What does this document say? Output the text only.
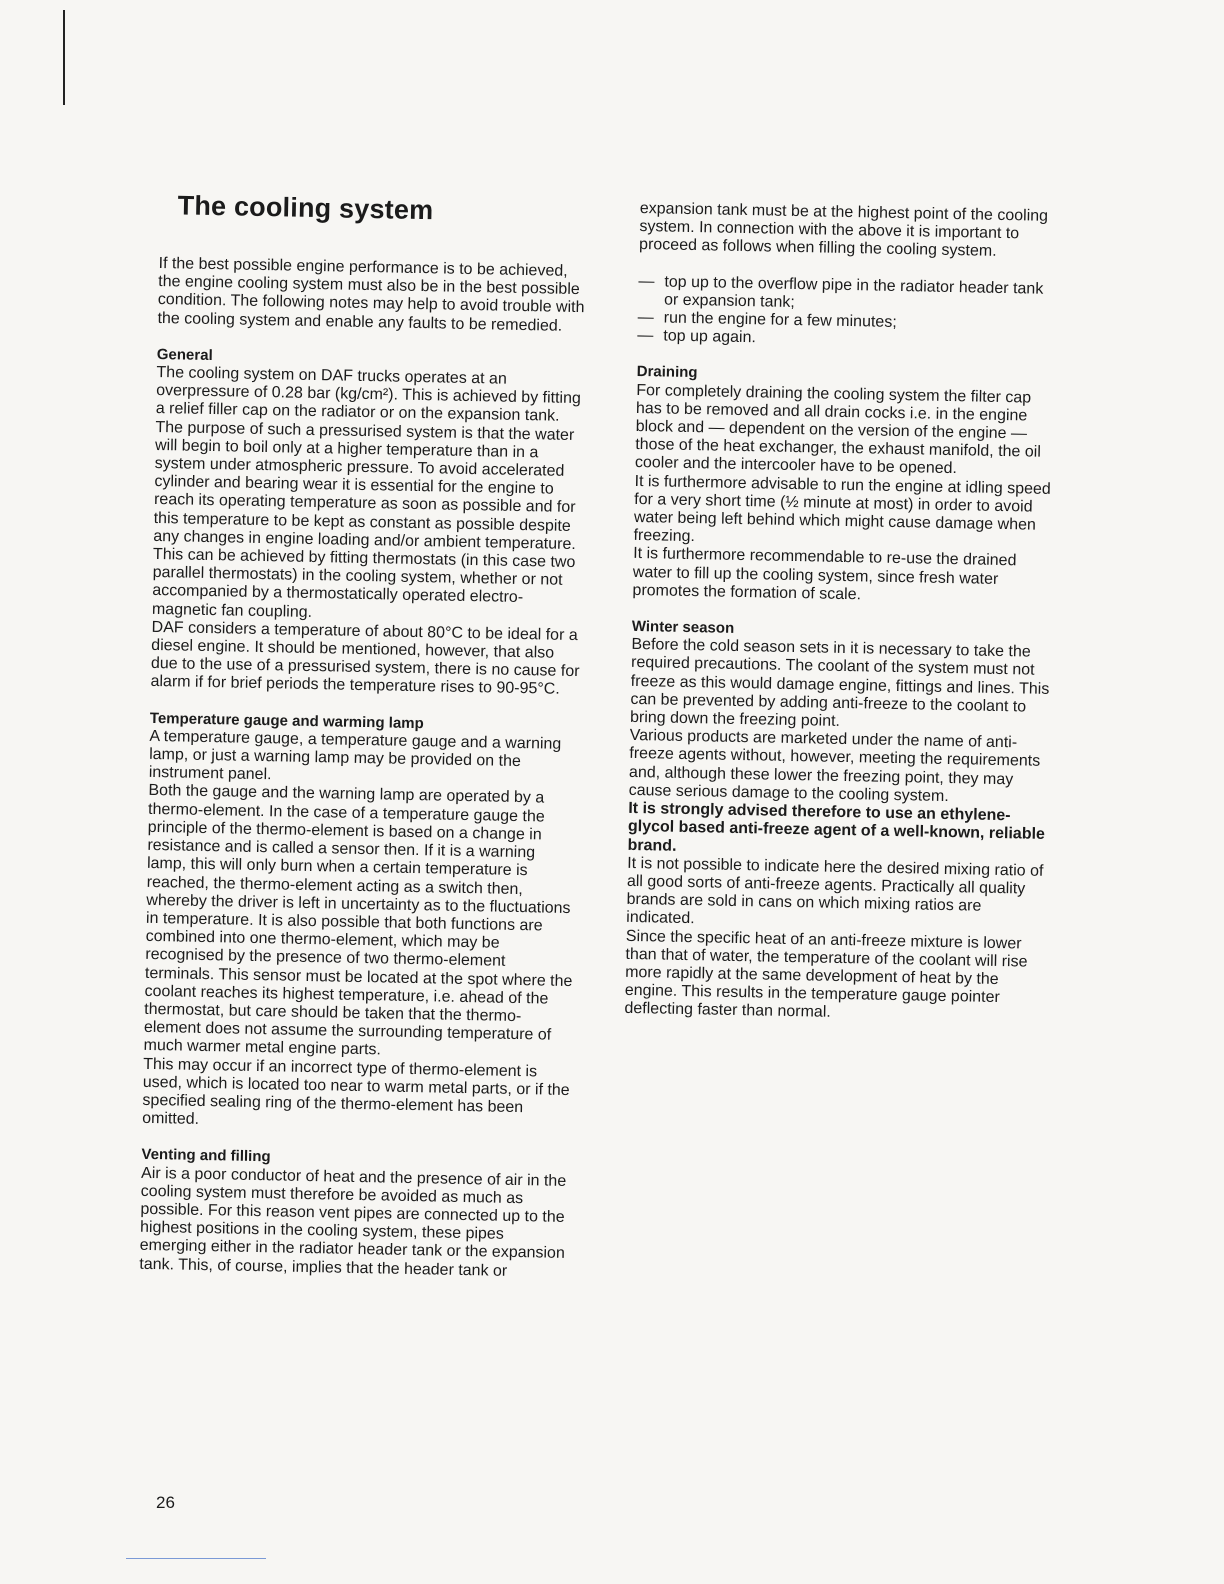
The cooling system

If the best possible engine performance is to be achieved, the engine cooling system must also be in the best possible condition. The following notes may help to avoid trouble with the cooling system and enable any faults to be remedied.

General

The cooling system on DAF trucks operates at an overpressure of 0.28 bar (kg/cm²). This is achieved by fitting a relief filler cap on the radiator or on the expansion tank. The purpose of such a pressurised system is that the water will begin to boil only at a higher temperature than in a system under atmospheric pressure. To avoid accelerated cylinder and bearing wear it is essential for the engine to reach its operating temperature as soon as possible and for this temperature to be kept as constant as possible despite any changes in engine loading and/or ambient temperature. This can be achieved by fitting thermostats (in this case two parallel thermostats) in the cooling system, whether or not accompanied by a thermostatically operated electro-magnetic fan coupling.

DAF considers a temperature of about 80°C to be ideal for a diesel engine. It should be mentioned, however, that also due to the use of a pressurised system, there is no cause for alarm if for brief periods the temperature rises to 90-95°C.

Temperature gauge and warming lamp

A temperature gauge, a temperature gauge and a warning lamp, or just a warning lamp may be provided on the instrument panel.

Both the gauge and the warning lamp are operated by a thermo-element. In the case of a temperature gauge the principle of the thermo-element is based on a change in resistance and is called a sensor then. If it is a warning lamp, this will only burn when a certain temperature is reached, the thermo-element acting as a switch then, whereby the driver is left in uncertainty as to the fluctuations in temperature. It is also possible that both functions are combined into one thermo-element, which may be recognised by the presence of two thermo-element terminals. This sensor must be located at the spot where the coolant reaches its highest temperature, i.e. ahead of the thermostat, but care should be taken that the thermo-element does not assume the surrounding temperature of much warmer metal engine parts.

This may occur if an incorrect type of thermo-element is used, which is located too near to warm metal parts, or if the specified sealing ring of the thermo-element has been omitted.

Venting and filling

Air is a poor conductor of heat and the presence of air in the cooling system must therefore be avoided as much as possible. For this reason vent pipes are connected up to the highest positions in the cooling system, these pipes emerging either in the radiator header tank or the expansion tank. This, of course, implies that the header tank or

expansion tank must be at the highest point of the cooling system. In connection with the above it is important to proceed as follows when filling the cooling system.

— top up to the overflow pipe in the radiator header tank or expansion tank;
— run the engine for a few minutes;
— top up again.
Draining

For completely draining the cooling system the filter cap has to be removed and all drain cocks i.e. in the engine block and — dependent on the version of the engine — those of the heat exchanger, the exhaust manifold, the oil cooler and the intercooler have to be opened.

It is furthermore advisable to run the engine at idling speed for a very short time (½ minute at most) in order to avoid water being left behind which might cause damage when freezing.

It is furthermore recommendable to re-use the drained water to fill up the cooling system, since fresh water promotes the formation of scale.

Winter season

Before the cold season sets in it is necessary to take the required precautions. The coolant of the system must not freeze as this would damage engine, fittings and lines. This can be prevented by adding anti-freeze to the coolant to bring down the freezing point.

Various products are marketed under the name of anti-freeze agents without, however, meeting the requirements and, although these lower the freezing point, they may cause serious damage to the cooling system.

It is strongly advised therefore to use an ethylene-glycol based anti-freeze agent of a well-known, reliable brand.

It is not possible to indicate here the desired mixing ratio of all good sorts of anti-freeze agents. Practically all quality brands are sold in cans on which mixing ratios are indicated.

Since the specific heat of an anti-freeze mixture is lower than that of water, the temperature of the coolant will rise more rapidly at the same development of heat by the engine. This results in the temperature gauge pointer deflecting faster than normal.

26
